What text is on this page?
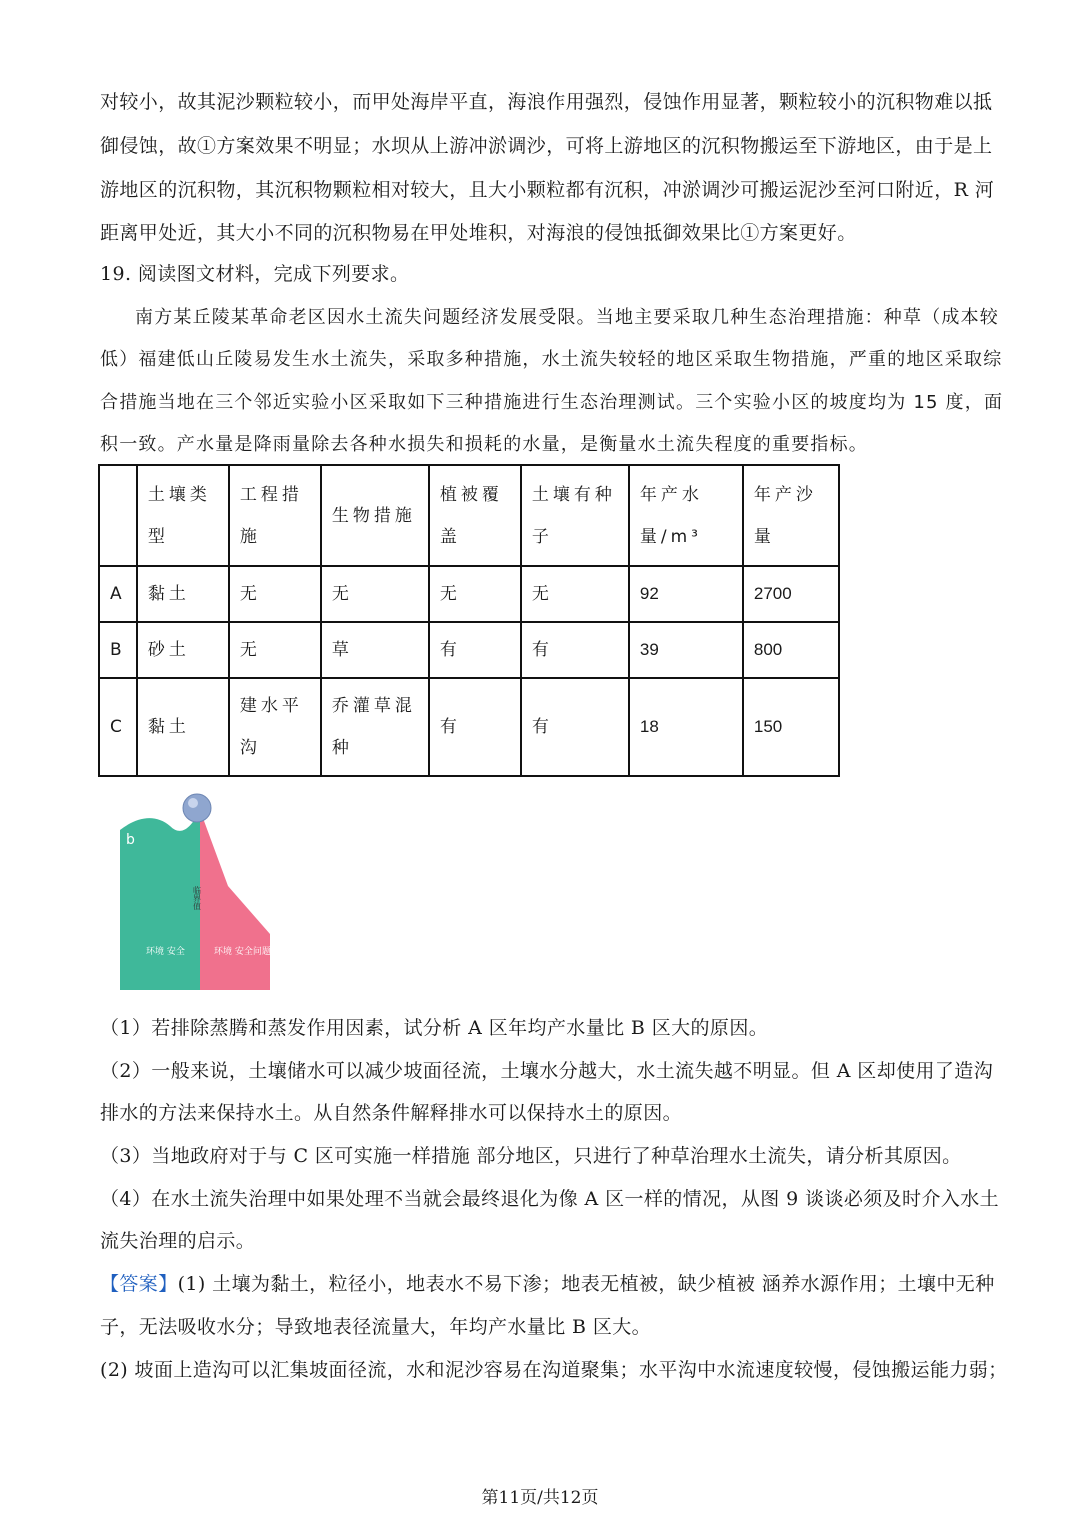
对较小，故其泥沙颗粒较小，而甲处海岸平直，海浪作用强烈，侵蚀作用显著，颗粒较小的沉积物难以抵
御侵蚀，故①方案效果不明显；水坝从上游冲淤调沙，可将上游地区的沉积物搬运至下游地区，由于是上
游地区的沉积物，其沉积物颗粒相对较大，且大小颗粒都有沉积，冲淤调沙可搬运泥沙至河口附近，R 河
距离甲处近，其大小不同的沉积物易在甲处堆积，对海浪的侵蚀抵御效果比①方案更好。
19. 阅读图文材料，完成下列要求。
南方某丘陵某革命老区因水土流失问题经济发展受限。当地主要采取几种生态治理措施：种草（成本较
低）福建低山丘陵易发生水土流失，采取多种措施，水土流失较轻的地区采取生物措施，严重的地区采取综
合措施当地在三个邻近实验小区采取如下三种措施进行生态治理测试。三个实验小区的坡度均为 15 度，面
积一致。产水量是降雨量除去各种水损失和损耗的水量，是衡量水土流失程度的重要指标。
	土壤类型	工程措施	生物措施	植被覆盖	土壤有种子	年产水量/m³	年产沙量
A	黏土	无	无	无	无	92	2700
B	砂土	无	草	有	有	39	800
C	黏土	建水平沟	乔灌草混种	有	有	18	150
b
临界值
环境 安全	环境 安全问题
（1）若排除蒸腾和蒸发作用因素，试分析 A 区年均产水量比 B 区大的原因。
（2）一般来说，土壤储水可以减少坡面径流，土壤水分越大，水土流失越不明显。但 A 区却使用了造沟
排水的方法来保持水土。从自然条件解释排水可以保持水土的原因。
（3）当地政府对于与 C 区可实施一样措施 部分地区，只进行了种草治理水土流失，请分析其原因。
（4）在水土流失治理中如果处理不当就会最终退化为像 A 区一样的情况，从图 9 谈谈必须及时介入水土
流失治理的启示。
【答案】(1) 土壤为黏土，粒径小，地表水不易下渗；地表无植被，缺少植被 涵养水源作用；土壤中无种
子，无法吸收水分；导致地表径流量大，年均产水量比 B 区大。
(2) 坡面上造沟可以汇集坡面径流，水和泥沙容易在沟道聚集；水平沟中水流速度较慢，侵蚀搬运能力弱；
第11页/共12页
